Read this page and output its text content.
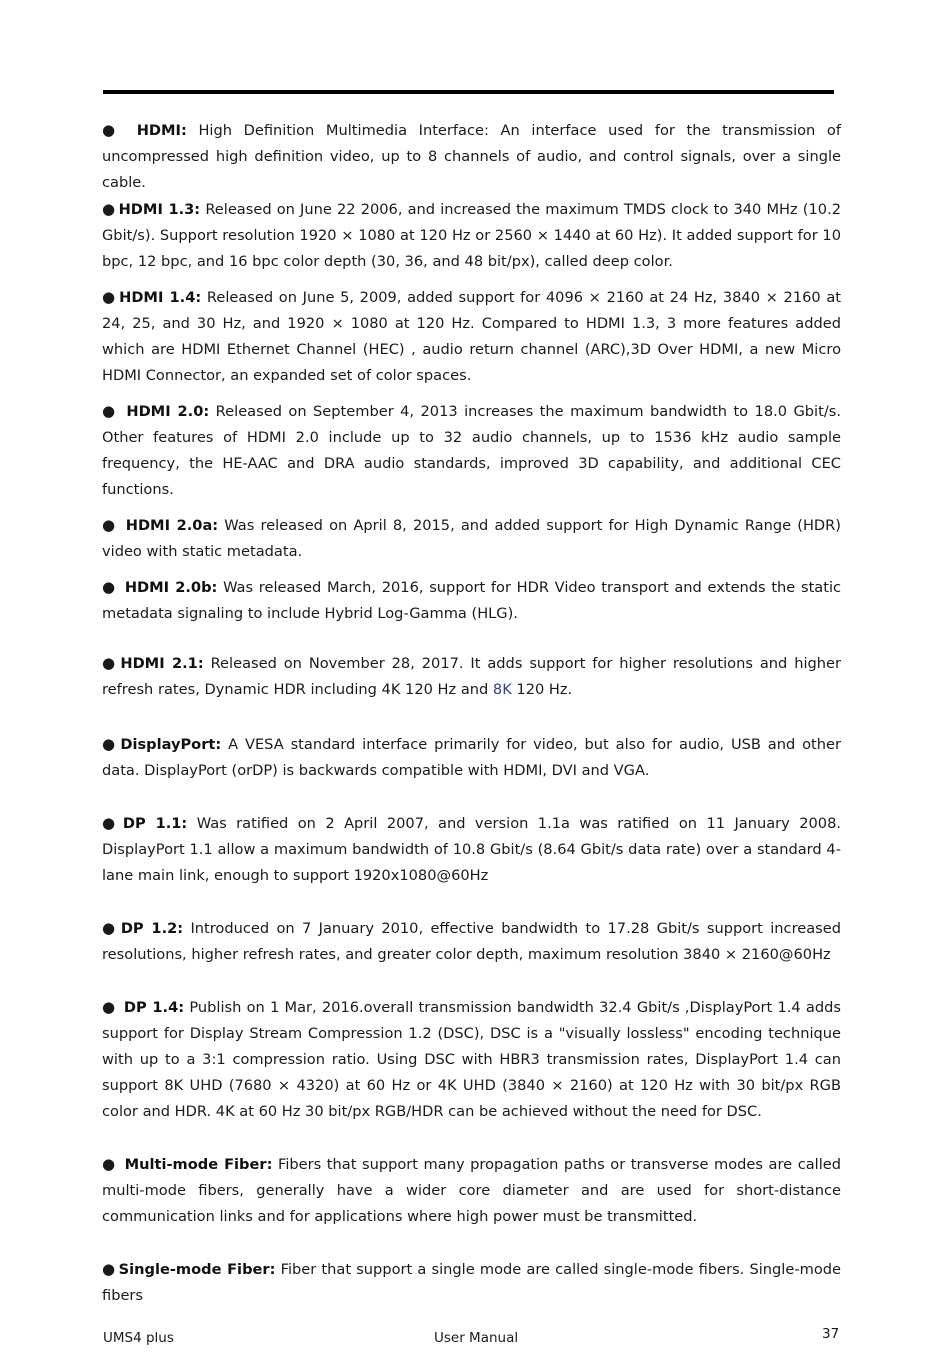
● HDMI: High Definition Multimedia Interface: An interface used for the transmission of uncompressed high definition video, up to 8 channels of audio, and control signals, over a single cable.

● HDMI 1.3: Released on June 22 2006, and increased the maximum TMDS clock to 340 MHz (10.2 Gbit/s). Support resolution 1920 × 1080 at 120 Hz or 2560 × 1440 at 60 Hz). It added support for 10 bpc, 12 bpc, and 16 bpc color depth (30, 36, and 48 bit/px), called deep color.

● HDMI 1.4: Released on June 5, 2009, added support for 4096 × 2160 at 24 Hz, 3840 × 2160 at 24, 25, and 30 Hz, and 1920 × 1080 at 120 Hz. Compared to HDMI 1.3, 3 more features added which are HDMI Ethernet Channel (HEC) , audio return channel (ARC),3D Over HDMI, a new Micro HDMI Connector, an expanded set of color spaces.

● HDMI 2.0: Released on September 4, 2013 increases the maximum bandwidth to 18.0 Gbit/s. Other features of HDMI 2.0 include up to 32 audio channels, up to 1536 kHz audio sample frequency, the HE-AAC and DRA audio standards, improved 3D capability, and additional CEC functions.

● HDMI 2.0a: Was released on April 8, 2015, and added support for High Dynamic Range (HDR) video with static metadata.

● HDMI 2.0b: Was released March, 2016, support for HDR Video transport and extends the static metadata signaling to include Hybrid Log-Gamma (HLG).

● HDMI 2.1: Released on November 28, 2017. It adds support for higher resolutions and higher refresh rates, Dynamic HDR including 4K 120 Hz and 8K 120 Hz.

● DisplayPort: A VESA standard interface primarily for video, but also for audio, USB and other data. DisplayPort (orDP) is backwards compatible with HDMI, DVI and VGA.

● DP 1.1: Was ratified on 2 April 2007, and version 1.1a was ratified on 11 January 2008. DisplayPort 1.1 allow a maximum bandwidth of 10.8 Gbit/s (8.64 Gbit/s data rate) over a standard 4-lane main link, enough to support 1920x1080@60Hz

● DP 1.2: Introduced on 7 January 2010, effective bandwidth to 17.28 Gbit/s support increased resolutions, higher refresh rates, and greater color depth, maximum resolution 3840 × 2160@60Hz

● DP 1.4: Publish on 1 Mar, 2016.overall transmission bandwidth 32.4 Gbit/s ,DisplayPort 1.4 adds support for Display Stream Compression 1.2 (DSC), DSC is a "visually lossless" encoding technique with up to a 3:1 compression ratio. Using DSC with HBR3 transmission rates, DisplayPort 1.4 can support 8K UHD (7680 × 4320) at 60 Hz or 4K UHD (3840 × 2160) at 120 Hz with 30 bit/px RGB color and HDR. 4K at 60 Hz 30 bit/px RGB/HDR can be achieved without the need for DSC.

● Multi-mode Fiber: Fibers that support many propagation paths or transverse modes are called multi-mode fibers, generally have a wider core diameter and are used for short-distance communication links and for applications where high power must be transmitted.

● Single-mode Fiber: Fiber that support a single mode are called single-mode fibers. Single-mode fibers

UMS4 plus	User Manual	37
